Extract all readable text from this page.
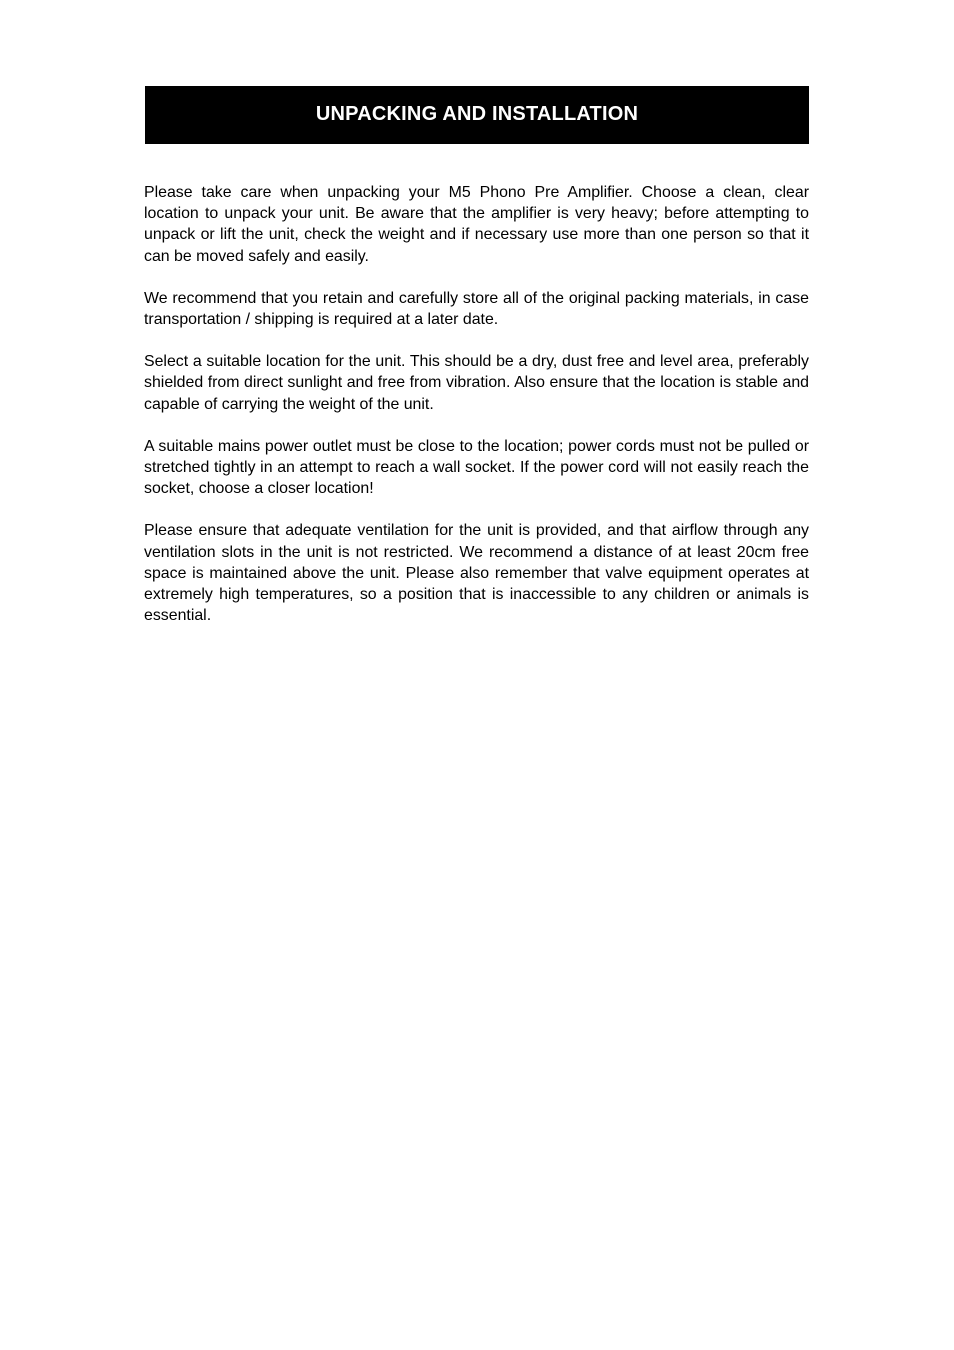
UNPACKING AND INSTALLATION

Please take care when unpacking your M5 Phono Pre Amplifier. Choose a clean, clear location to unpack your unit. Be aware that the amplifier is very heavy; before attempting to unpack or lift the unit, check the weight and if necessary use more than one person so that it can be moved safely and easily.

We recommend that you retain and carefully store all of the original packing materials, in case transportation / shipping is required at a later date.

Select a suitable location for the unit. This should be a dry, dust free and level area, preferably shielded from direct sunlight and free from vibration. Also ensure that the location is stable and capable of carrying the weight of the unit.

A suitable mains power outlet must be close to the location; power cords must not be pulled or stretched tightly in an attempt to reach a wall socket. If the power cord will not easily reach the socket, choose a closer location!

Please ensure that adequate ventilation for the unit is provided, and that airflow through any ventilation slots in the unit is not restricted. We recommend a distance of at least 20cm free space is maintained above the unit. Please also remember that valve equipment operates at extremely high temperatures, so a position that is inaccessible to any children or animals is essential.
